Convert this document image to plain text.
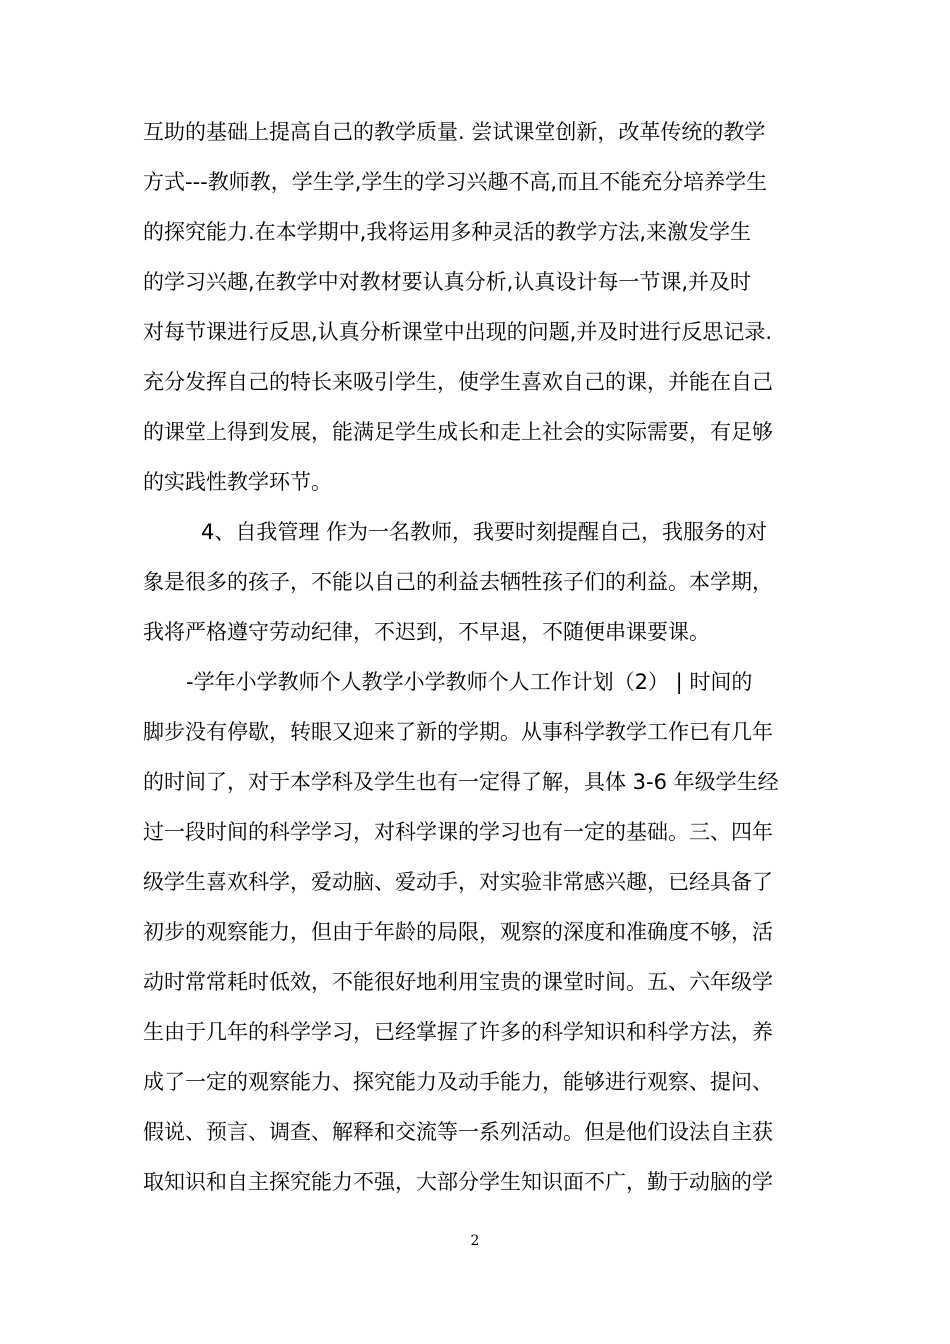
互助的基础上提高自己的教学质量. 尝试课堂创新，改革传统的教学
方式---教师教，学生学,学生的学习兴趣不高,而且不能充分培养学生
的探究能力.在本学期中,我将运用多种灵活的教学方法,来激发学生
的学习兴趣,在教学中对教材要认真分析,认真设计每一节课,并及时
对每节课进行反思,认真分析课堂中出现的问题,并及时进行反思记录.
充分发挥自己的特长来吸引学生，使学生喜欢自己的课，并能在自己
的课堂上得到发展，能满足学生成长和走上社会的实际需要，有足够
的实践性教学环节。
4、自我管理 作为一名教师，我要时刻提醒自己，我服务的对
象是很多的孩子，不能以自己的利益去牺牲孩子们的利益。本学期，
我将严格遵守劳动纪律，不迟到，不早退，不随便串课要课。
-学年小学教师个人教学小学教师个人工作计划（2） | 时间的
脚步没有停歇，转眼又迎来了新的学期。从事科学教学工作已有几年
的时间了，对于本学科及学生也有一定得了解，具体 3-6 年级学生经
过一段时间的科学学习，对科学课的学习也有一定的基础。三、四年
级学生喜欢科学，爱动脑、爱动手，对实验非常感兴趣，已经具备了
初步的观察能力，但由于年龄的局限，观察的深度和准确度不够，活
动时常常耗时低效，不能很好地利用宝贵的课堂时间。五、六年级学
生由于几年的科学学习，已经掌握了许多的科学知识和科学方法，养
成了一定的观察能力、探究能力及动手能力，能够进行观察、提问、
假说、预言、调查、解释和交流等一系列活动。但是他们设法自主获
取知识和自主探究能力不强，大部分学生知识面不广，勤于动脑的学
2
